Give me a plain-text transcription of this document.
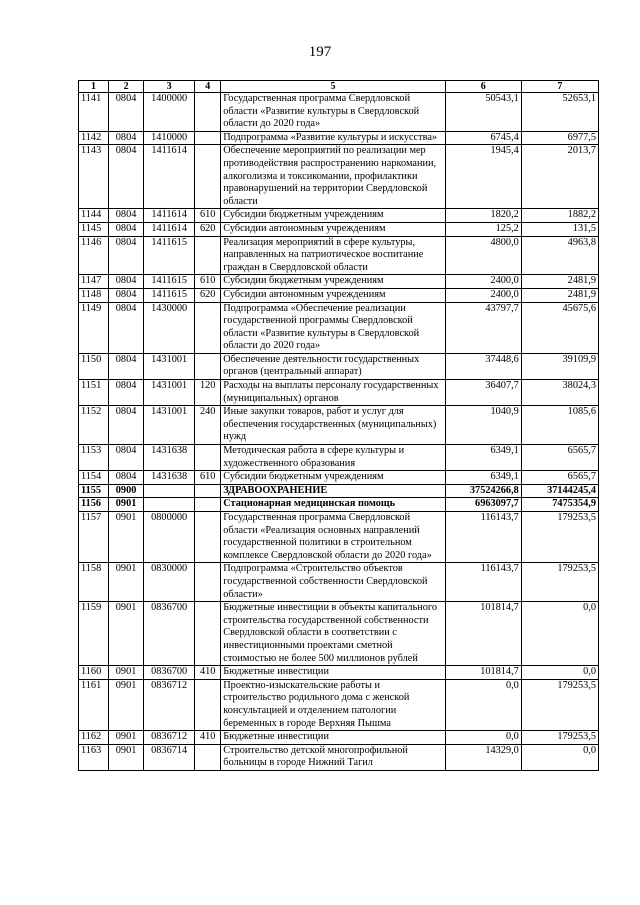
197
1	2	3	4	5	6	7
1141	0804	1400000		Государственная программа Свердловской области «Развитие культуры в Свердловской области до 2020 года»	50543,1	52653,1
1142	0804	1410000		Подпрограмма «Развитие культуры и искусства»	6745,4	6977,5
1143	0804	1411614		Обеспечение мероприятий по реализации мер противодействия распространению наркомании, алкоголизма и токсикомании, профилактики правонарушений на территории Свердловской области	1945,4	2013,7
1144	0804	1411614	610	Субсидии бюджетным учреждениям	1820,2	1882,2
1145	0804	1411614	620	Субсидии автономным учреждениям	125,2	131,5
1146	0804	1411615		Реализация мероприятий в сфере культуры, направленных на патриотическое воспитание граждан в Свердловской области	4800,0	4963,8
1147	0804	1411615	610	Субсидии бюджетным учреждениям	2400,0	2481,9
1148	0804	1411615	620	Субсидии автономным учреждениям	2400,0	2481,9
1149	0804	1430000		Подпрограмма «Обеспечение реализации государственной программы Свердловской области «Развитие культуры в Свердловской области до 2020 года»	43797,7	45675,6
1150	0804	1431001		Обеспечение деятельности государственных органов (центральный аппарат)	37448,6	39109,9
1151	0804	1431001	120	Расходы на выплаты персоналу государственных (муниципальных) органов	36407,7	38024,3
1152	0804	1431001	240	Иные закупки товаров, работ и услуг для обеспечения государственных (муниципальных) нужд	1040,9	1085,6
1153	0804	1431638		Методическая работа в сфере культуры и художественного образования	6349,1	6565,7
1154	0804	1431638	610	Субсидии бюджетным учреждениям	6349,1	6565,7
1155	0900			ЗДРАВООХРАНЕНИЕ	37524266,8	37144245,4
1156	0901			Стационарная медицинская помощь	6963097,7	7475354,9
1157	0901	0800000		Государственная программа Свердловской области «Реализация основных направлений государственной политики в строительном комплексе Свердловской области до 2020 года»	116143,7	179253,5
1158	0901	0830000		Подпрограмма «Строительство объектов государственной собственности Свердловской области»	116143,7	179253,5
1159	0901	0836700		Бюджетные инвестиции в объекты капитального строительства государственной собственности Свердловской области в соответствии с инвестиционными проектами сметной стоимостью не более 500 миллионов рублей	101814,7	0,0
1160	0901	0836700	410	Бюджетные инвестиции	101814,7	0,0
1161	0901	0836712		Проектно-изыскательские работы и строительство родильного дома с женской консультацией и отделением патологии беременных в городе Верхняя Пышма	0,0	179253,5
1162	0901	0836712	410	Бюджетные инвестиции	0,0	179253,5
1163	0901	0836714		Строительство детской многопрофильной больницы в городе Нижний Тагил	14329,0	0,0
